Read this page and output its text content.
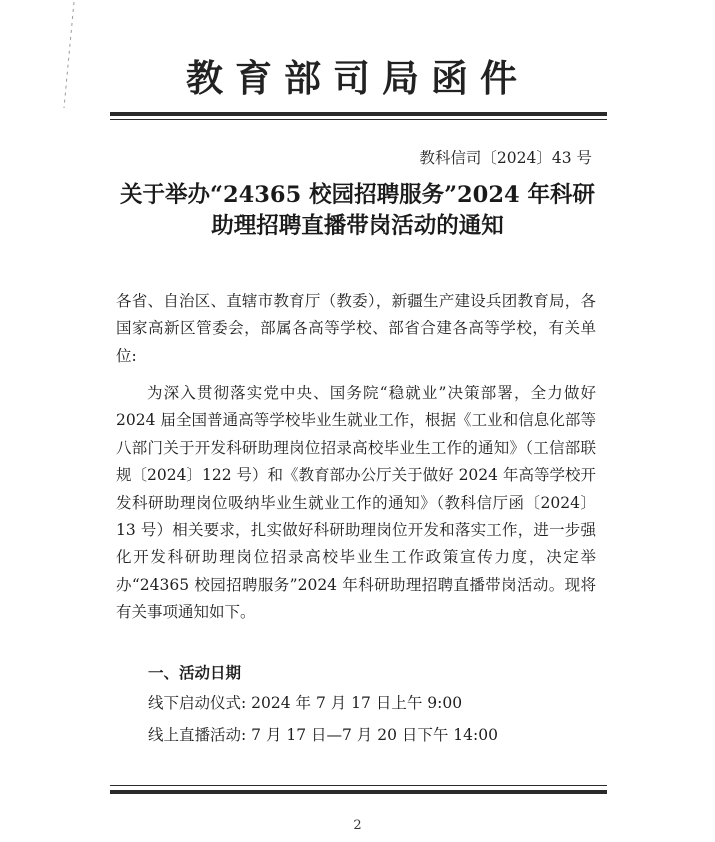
教育部司局函件
教科信司〔2024〕43 号
关于举办“24365 校园招聘服务”2024 年科研
助理招聘直播带岗活动的通知
各省、自治区、直辖市教育厅（教委），新疆生产建设兵团教育局，各国家高新区管委会，部属各高等学校、部省合建各高等学校，有关单位:
为深入贯彻落实党中央、国务院“稳就业”决策部署，全力做好 2024 届全国普通高等学校毕业生就业工作，根据《工业和信息化部等八部门关于开发科研助理岗位招录高校毕业生工作的通知》（工信部联规〔2024〕122 号）和《教育部办公厅关于做好 2024 年高等学校开发科研助理岗位吸纳毕业生就业工作的通知》（教科信厅函〔2024〕13 号）相关要求，扎实做好科研助理岗位开发和落实工作，进一步强化开发科研助理岗位招录高校毕业生工作政策宣传力度，决定举办“24365 校园招聘服务”2024 年科研助理招聘直播带岗活动。现将有关事项通知如下。
一、活动日期
线下启动仪式: 2024 年 7 月 17 日上午 9:00
线上直播活动: 7 月 17 日—7 月 20 日下午 14:00
2
